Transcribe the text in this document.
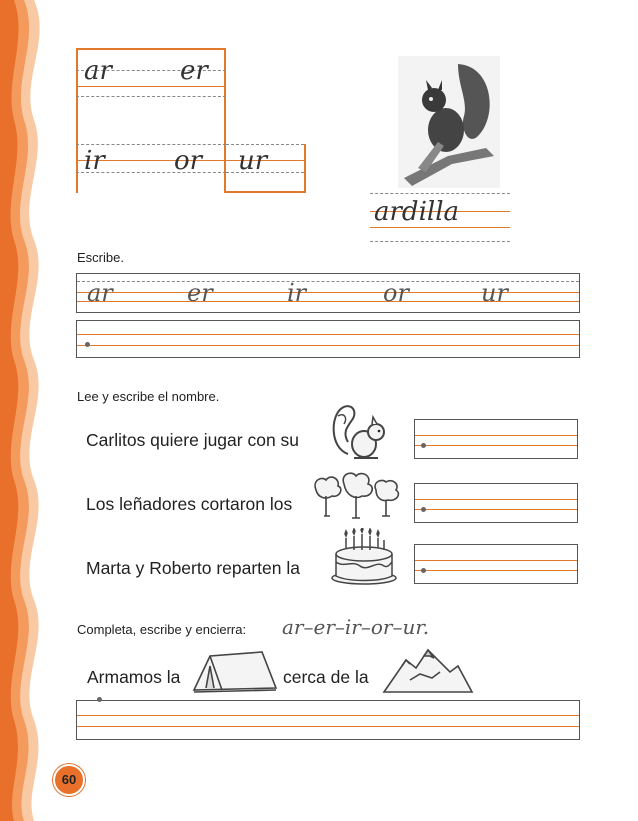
ar	er
ir	or ur
ardilla
Escribe.
ar	er	ir	or	ur
Lee y escribe el nombre.
Carlitos quiere jugar con su
Los leñadores cortaron los
Marta y Roberto reparten la
Completa, escribe y encierra: ar–er–ir–or–ur.
Armamos la	cerca de la
60
